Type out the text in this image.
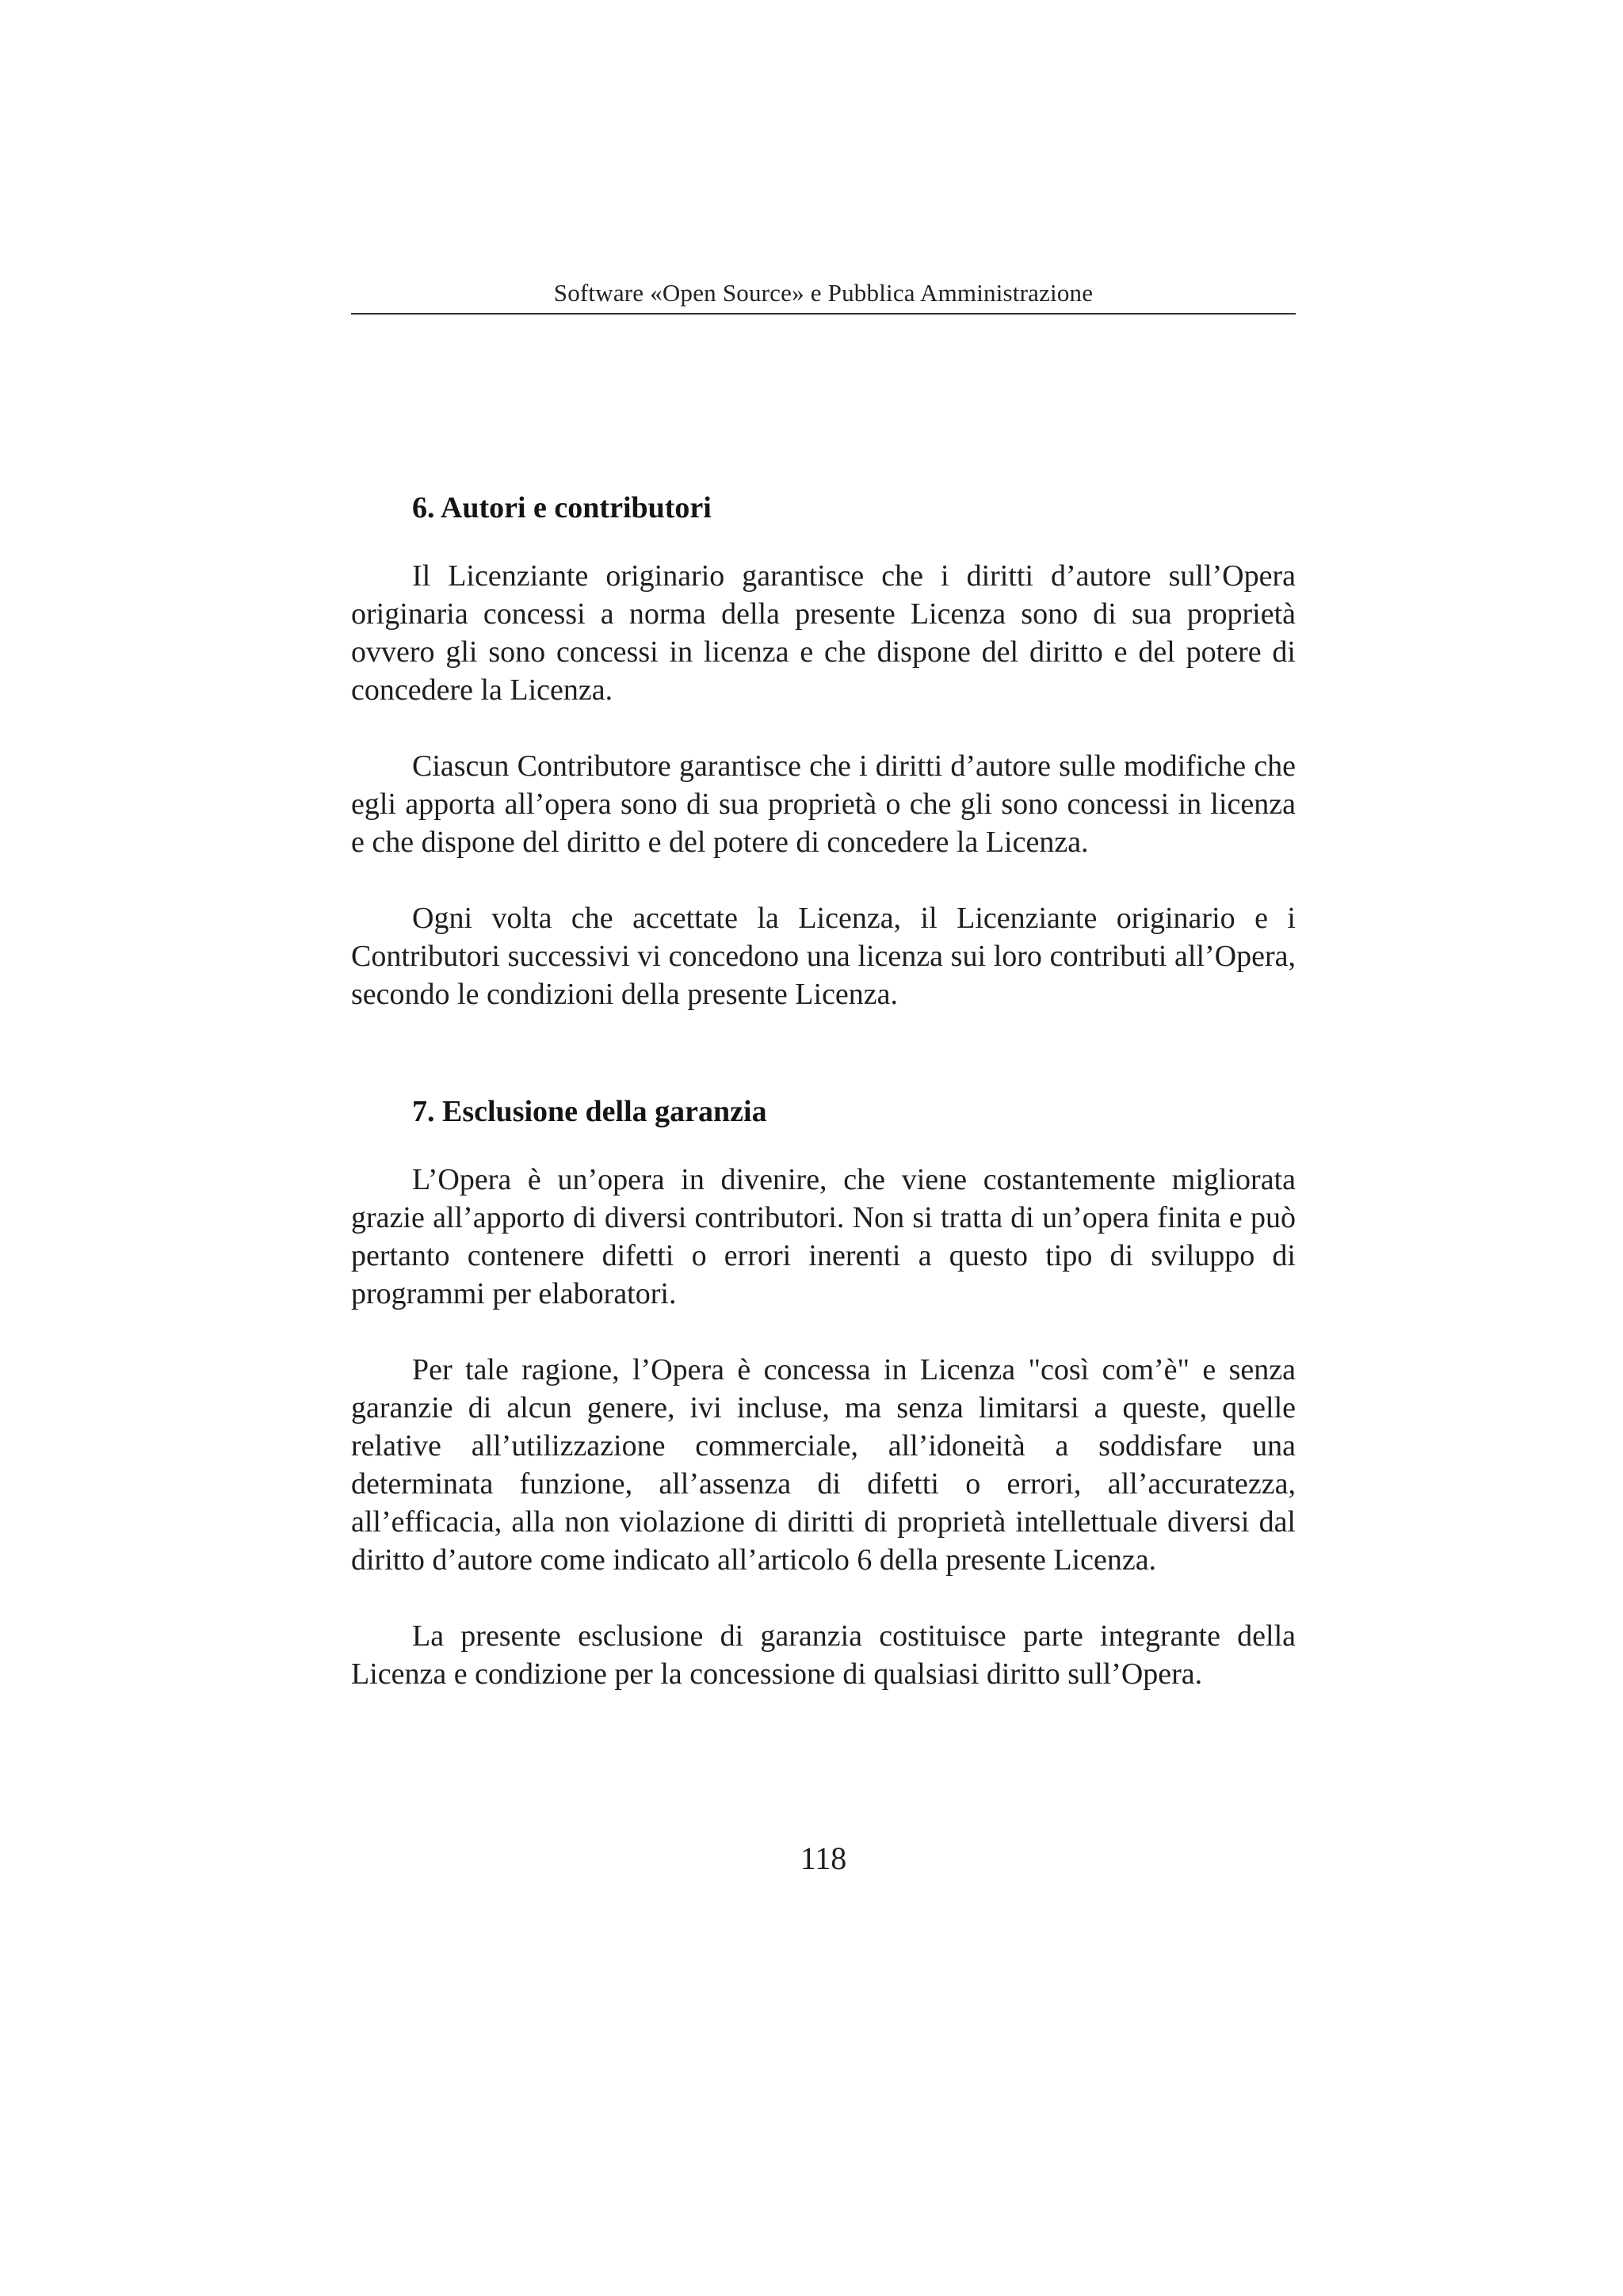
Software «Open Source» e Pubblica Amministrazione
6. Autori e contributori

Il Licenziante originario garantisce che i diritti d’autore sull’Opera originaria concessi a norma della presente Licenza sono di sua proprietà ovvero gli sono concessi in licenza e che dispone del diritto e del potere di concedere la Licenza.

Ciascun Contributore garantisce che i diritti d’autore sulle modifiche che egli apporta all’opera sono di sua proprietà o che gli sono concessi in licenza e che dispone del diritto e del potere di concedere la Licenza.

Ogni volta che accettate la Licenza, il Licenziante originario e i Contributori successivi vi concedono una licenza sui loro contributi all’Opera, secondo le condizioni della presente Licenza.

7. Esclusione della garanzia

L’Opera è un’opera in divenire, che viene costantemente migliorata grazie all’apporto di diversi contributori. Non si tratta di un’opera finita e può pertanto contenere difetti o errori inerenti a questo tipo di sviluppo di programmi per elaboratori.

Per tale ragione, l’Opera è concessa in Licenza "così com’è" e senza garanzie di alcun genere, ivi incluse, ma senza limitarsi a queste, quelle relative all’utilizzazione commerciale, all’idoneità a soddisfare una determinata funzione, all’assenza di difetti o errori, all’accuratezza, all’efficacia, alla non violazione di diritti di proprietà intellettuale diversi dal diritto d’autore come indicato all’articolo 6 della presente Licenza.

La presente esclusione di garanzia costituisce parte integrante della Licenza e condizione per la concessione di qualsiasi diritto sull’Opera.

118
